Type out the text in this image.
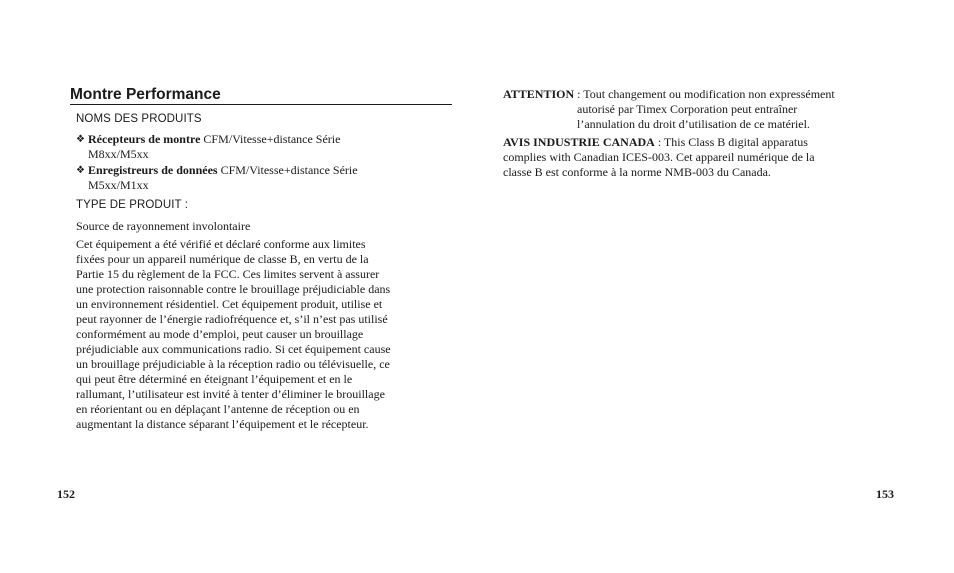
Montre Performance
NOMS DES PRODUITS
❖ Récepteurs de montre CFM/Vitesse+distance Série
M8xx/M5xx
❖ Enregistreurs de données CFM/Vitesse+distance Série
M5xx/M1xx
TYPE DE PRODUIT :

Source de rayonnement involontaire

Cet équipement a été vérifié et déclaré conforme aux limites
fixées pour un appareil numérique de classe B, en vertu de la
Partie 15 du règlement de la FCC. Ces limites servent à assurer
une protection raisonnable contre le brouillage préjudiciable dans
un environnement résidentiel. Cet équipement produit, utilise et
peut rayonner de l’énergie radiofréquence et, s’il n’est pas utilisé
conformément au mode d’emploi, peut causer un brouillage
préjudiciable aux communications radio. Si cet équipement cause
un brouillage préjudiciable à la réception radio ou télévisuelle, ce
qui peut être déterminé en éteignant l’équipement et en le
rallumant, l’utilisateur est invité à tenter d’éliminer le brouillage
en réorientant ou en déplaçant l’antenne de réception ou en
augmentant la distance séparant l’équipement et le récepteur.

152

ATTENTION : Tout changement ou modification non expressément
autorisé par Timex Corporation peut entraîner
l’annulation du droit d’utilisation de ce matériel.

AVIS INDUSTRIE CANADA : This Class B digital apparatus
complies with Canadian ICES-003. Cet appareil numérique de la
classe B est conforme à la norme NMB-003 du Canada.

153
